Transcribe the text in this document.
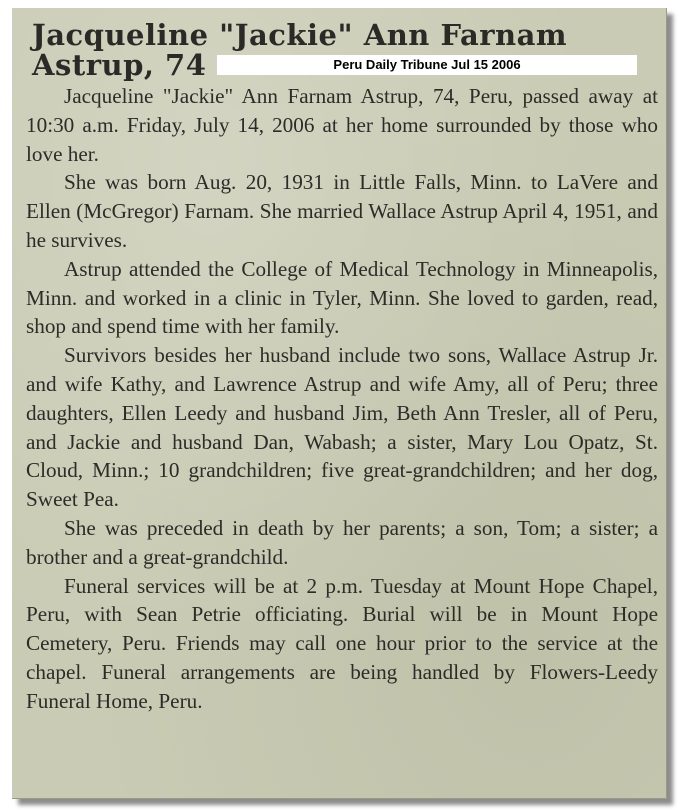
Jacqueline "Jackie" Ann Farnam Astrup, 74	Peru Daily Tribune Jul 15 2006

Jacqueline "Jackie" Ann Farnam Astrup, 74, Peru, passed away at 10:30 a.m. Friday, July 14, 2006 at her home surrounded by those who love her.

She was born Aug. 20, 1931 in Little Falls, Minn. to LaVere and Ellen (McGregor) Farnam. She married Wallace Astrup April 4, 1951, and he survives.

Astrup attended the College of Medical Technology in Minneapolis, Minn. and worked in a clinic in Tyler, Minn. She loved to garden, read, shop and spend time with her family.

Survivors besides her husband include two sons, Wallace Astrup Jr. and wife Kathy, and Lawrence Astrup and wife Amy, all of Peru; three daughters, Ellen Leedy and husband Jim, Beth Ann Tresler, all of Peru, and Jackie and husband Dan, Wabash; a sister, Mary Lou Opatz, St. Cloud, Minn.; 10 grandchildren; five great-grandchildren; and her dog, Sweet Pea.

She was preceded in death by her parents; a son, Tom; a sister; a brother and a great-grandchild.

Funeral services will be at 2 p.m. Tuesday at Mount Hope Chapel, Peru, with Sean Petrie officiating. Burial will be in Mount Hope Cemetery, Peru. Friends may call one hour prior to the service at the chapel. Funeral arrangements are being handled by Flowers-Leedy Funeral Home, Peru.
